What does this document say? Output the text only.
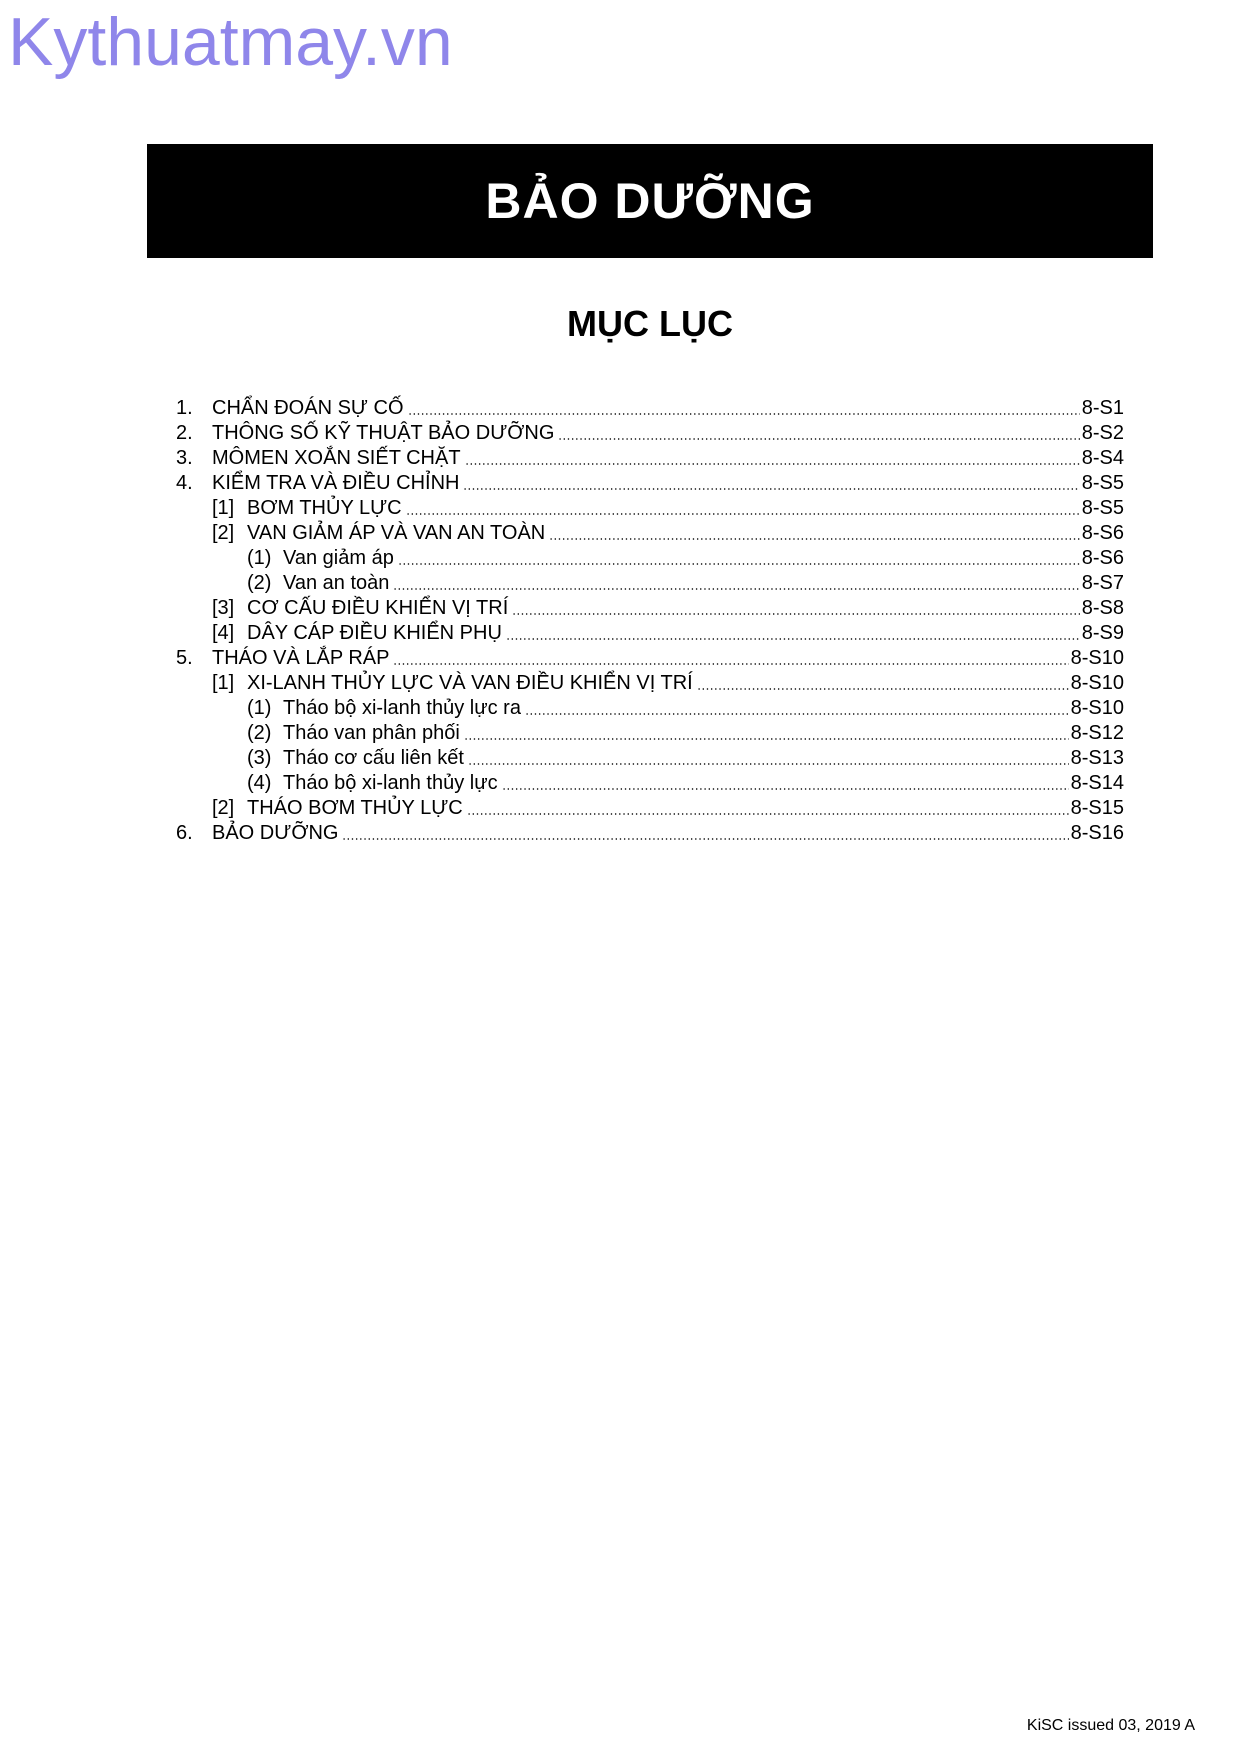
Kythuatmay.vn
BẢO DƯỠNG
MỤC LỤC
1. CHẨN ĐOÁN SỰ CỐ	8-S1
2. THÔNG SỐ KỸ THUẬT BẢO DƯỠNG	8-S2
3. MÔMEN XOẮN SIẾT CHẶT	8-S4
4. KIỂM TRA VÀ ĐIỀU CHỈNH	8-S5
[1] BƠM THỦY LỰC	8-S5
[2] VAN GIẢM ÁP VÀ VAN AN TOÀN	8-S6
(1) Van giảm áp	8-S6
(2) Van an toàn	8-S7
[3] CƠ CẤU ĐIỀU KHIỂN VỊ TRÍ	8-S8
[4] DÂY CÁP ĐIỀU KHIỂN PHỤ	8-S9
5. THÁO VÀ LẮP RÁP	8-S10
[1] XI-LANH THỦY LỰC VÀ VAN ĐIỀU KHIỂN VỊ TRÍ	8-S10
(1) Tháo bộ xi-lanh thủy lực ra	8-S10
(2) Tháo van phân phối	8-S12
(3) Tháo cơ cấu liên kết	8-S13
(4) Tháo bộ xi-lanh thủy lực	8-S14
[2] THÁO BƠM THỦY LỰC	8-S15
6. BẢO DƯỠNG	8-S16
KiSC issued 03, 2019 A
